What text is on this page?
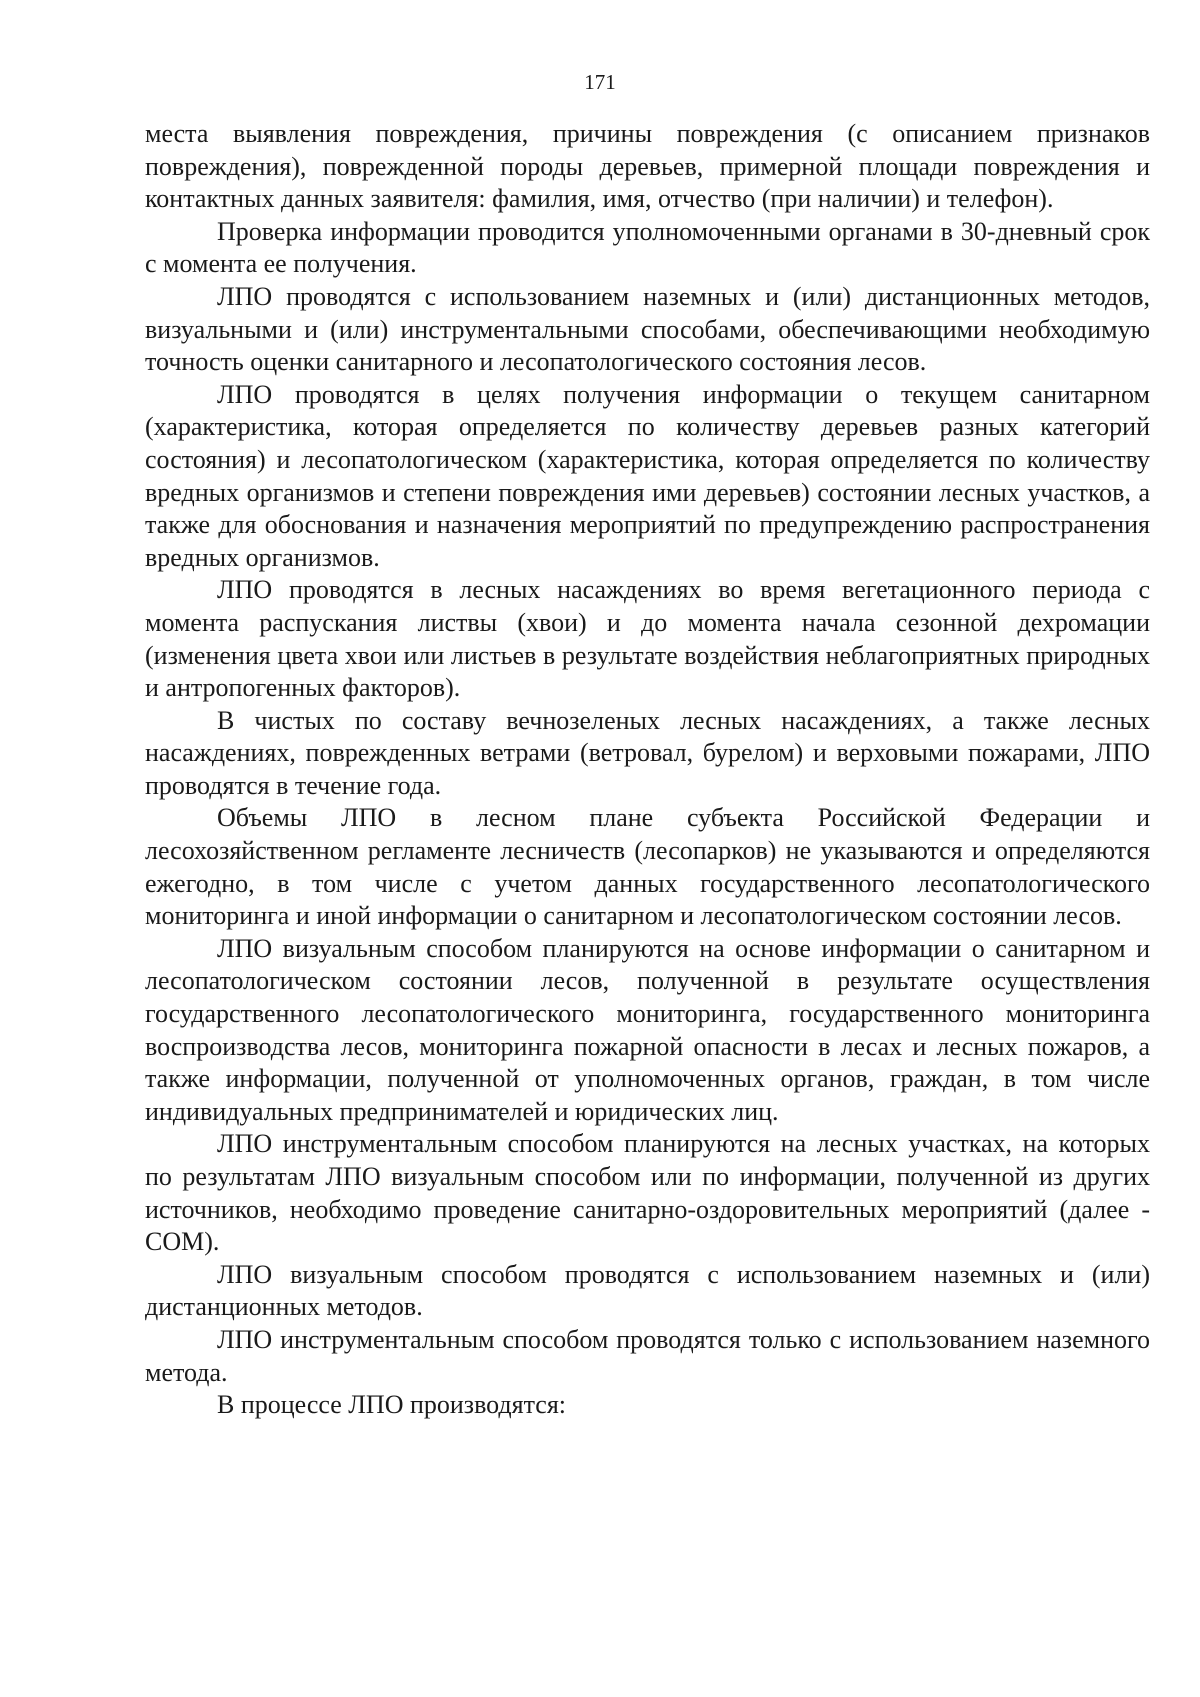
171

места выявления повреждения, причины повреждения (с описанием признаков повреждения), поврежденной породы деревьев, примерной площади повреждения и контактных данных заявителя: фамилия, имя, отчество (при наличии) и телефон).

Проверка информации проводится уполномоченными органами в 30-дневный срок с момента ее получения.

ЛПО проводятся с использованием наземных и (или) дистанционных методов, визуальными и (или) инструментальными способами, обеспечивающими необходимую точность оценки санитарного и лесопатологического состояния лесов.

ЛПО проводятся в целях получения информации о текущем санитарном (характеристика, которая определяется по количеству деревьев разных категорий состояния) и лесопатологическом (характеристика, которая определяется по количеству вредных организмов и степени повреждения ими деревьев) состоянии лесных участков, а также для обоснования и назначения мероприятий по предупреждению распространения вредных организмов.

ЛПО проводятся в лесных насаждениях во время вегетационного периода с момента распускания листвы (хвои) и до момента начала сезонной дехромации (изменения цвета хвои или листьев в результате воздействия неблагоприятных природных и антропогенных факторов).

В чистых по составу вечнозеленых лесных насаждениях, а также лесных насаждениях, поврежденных ветрами (ветровал, бурелом) и верховыми пожарами, ЛПО проводятся в течение года.

Объемы ЛПО в лесном плане субъекта Российской Федерации и лесохозяйственном регламенте лесничеств (лесопарков) не указываются и определяются ежегодно, в том числе с учетом данных государственного лесопатологического мониторинга и иной информации о санитарном и лесопатологическом состоянии лесов.

ЛПО визуальным способом планируются на основе информации о санитарном и лесопатологическом состоянии лесов, полученной в результате осуществления государственного лесопатологического мониторинга, государственного мониторинга воспроизводства лесов, мониторинга пожарной опасности в лесах и лесных пожаров, а также информации, полученной от уполномоченных органов, граждан, в том числе индивидуальных предпринимателей и юридических лиц.

ЛПО инструментальным способом планируются на лесных участках, на которых по результатам ЛПО визуальным способом или по информации, полученной из других источников, необходимо проведение санитарно-оздоровительных мероприятий (далее - СОМ).

ЛПО визуальным способом проводятся с использованием наземных и (или) дистанционных методов.

ЛПО инструментальным способом проводятся только с использованием наземного метода.

В процессе ЛПО производятся:
